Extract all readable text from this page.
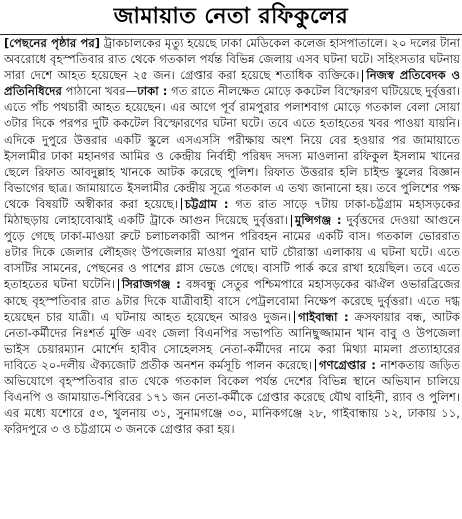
জামায়াত নেতা রফিকুলের

[পেছনের পৃষ্ঠার পর] ট্রাকচালকের মৃত্যু হয়েছে ঢাকা মেডিকেল কলেজ হাসপাতালে। ২০ দলের টানা অবরোধে বৃহস্পতিবার রাত থেকে গতকাল পর্যন্ত বিভিন্ন জেলায় এসব ঘটনা ঘটে। সহিংসতার ঘটনায় সারা দেশে আহত হয়েছেন ২৫ জন। গ্রেপ্তার করা হয়েছে শতাধিক ব্যক্তিকে। নিজস্ব প্রতিবেদক ও প্রতিনিধিদের পাঠানো খবর—ঢাকা : গত রাতে নীলক্ষেত মোড়ে ককটেল বিস্ফোরণ ঘটিয়েছে দুর্বৃত্তরা। এতে পাঁচ পথচারী আহত হয়েছেন। এর আগে পূর্ব রামপুরার পলাশবাগ মোড়ে গতকাল বেলা সোয়া ৩টার দিকে পরপর দুটি ককটেল বিস্ফোরণের ঘটনা ঘটে। তবে এতে হতাহতের খবর পাওয়া যায়নি। এদিকে দুপুরে উত্তরার একটি স্কুলে এসএসসি পরীক্ষায় অংশ নিয়ে বের হওয়ার পর জামায়াতে ইসলামীর ঢাকা মহানগর আমির ও কেন্দ্রীয় নির্বাহী পরিষদ সদস্য মাওলানা রফিকুল ইসলাম খানের ছেলে রিফাত আবদুল্লাহ খানকে আটক করেছে পুলিশ। রিফাত উত্তরার হলি চাইল্ড স্কুলের বিজ্ঞান বিভাগের ছাত্র। জামায়াতে ইসলামীর কেন্দ্রীয় সূত্রে গতকাল এ তথ্য জানানো হয়। তবে পুলিশের পক্ষ থেকে বিষয়টি অস্বীকার করা হয়েছে। চট্টগ্রাম : গত রাত সাড়ে ৭টায় ঢাকা-চট্টগ্রাম মহাসড়কের মিঠাছড়ায় লোহাবোঝাই একটি ট্রাকে আগুন দিয়েছে দুর্বৃত্তরা। মুন্সিগঞ্জ : দুর্বৃত্তদের দেওয়া আগুনে পুড়ে গেছে ঢাকা-মাওয়া রুটে চলাচলকারী আপন পরিবহন নামের একটি বাস। গতকাল ভোররাত ৪টার দিকে জেলার লৌহজং উপজেলার মাওয়া পুরান ঘাট চৌরাস্তা এলাকায় এ ঘটনা ঘটে। এতে বাসটির সামনের, পেছনের ও পাশের গ্লাস ভেঙে গেছে। বাসটি পার্ক করে রাখা হয়েছিল। তবে এতে হতাহতের ঘটনা ঘটেনি। সিরাজগঞ্জ : বঙ্গবন্ধু সেতুর পশ্চিমপারে মহাসড়কের ঝাঐল ওভারব্রিজের কাছে বৃহস্পতিবার রাত ৯টার দিকে যাত্রীবাহী বাসে পেট্রলবোমা নিক্ষেপ করেছে দুর্বৃত্তরা। এতে দগ্ধ হয়েছেন চার যাত্রী। এ ঘটনায় আহত হয়েছেন আরও দুজন। গাইবান্ধা : ক্রসফায়ার বন্ধ, আটক নেতা-কর্মীদের নিঃশর্ত মুক্তি এবং জেলা বিএনপির সভাপতি আনিছুজ্জামান খান বাবু ও উপজেলা ভাইস চেয়ারম্যান মোর্শেদ হাবীব সোহেলসহ নেতা-কর্মীদের নামে করা মিথ্যা মামলা প্রত্যাহারের দাবিতে ২০-দলীয় ঐক্যজোট প্রতীক অনশন কর্মসূচি পালন করেছে। গণগ্রেপ্তার : নাশকতায় জড়িত অভিযোগে বৃহস্পতিবার রাত থেকে গতকাল বিকেল পর্যন্ত দেশের বিভিন্ন স্থানে অভিযান চালিয়ে বিএনপি ও জামায়াত-শিবিরের ১৭১ জন নেতা-কর্মীকে গ্রেপ্তার করেছে যৌথ বাহিনী, র‌্যাব ও পুলিশ। এর মধ্যে যশোরে ৫৩, খুলনায় ৩১, সুনামগঞ্জে ৩০, মানিকগঞ্জে ২৮, গাইবান্ধায় ১২, ঢাকায় ১১, ফরিদপুরে ৩ ও চট্টগ্রামে ৩ জনকে গ্রেপ্তার করা হয়।
